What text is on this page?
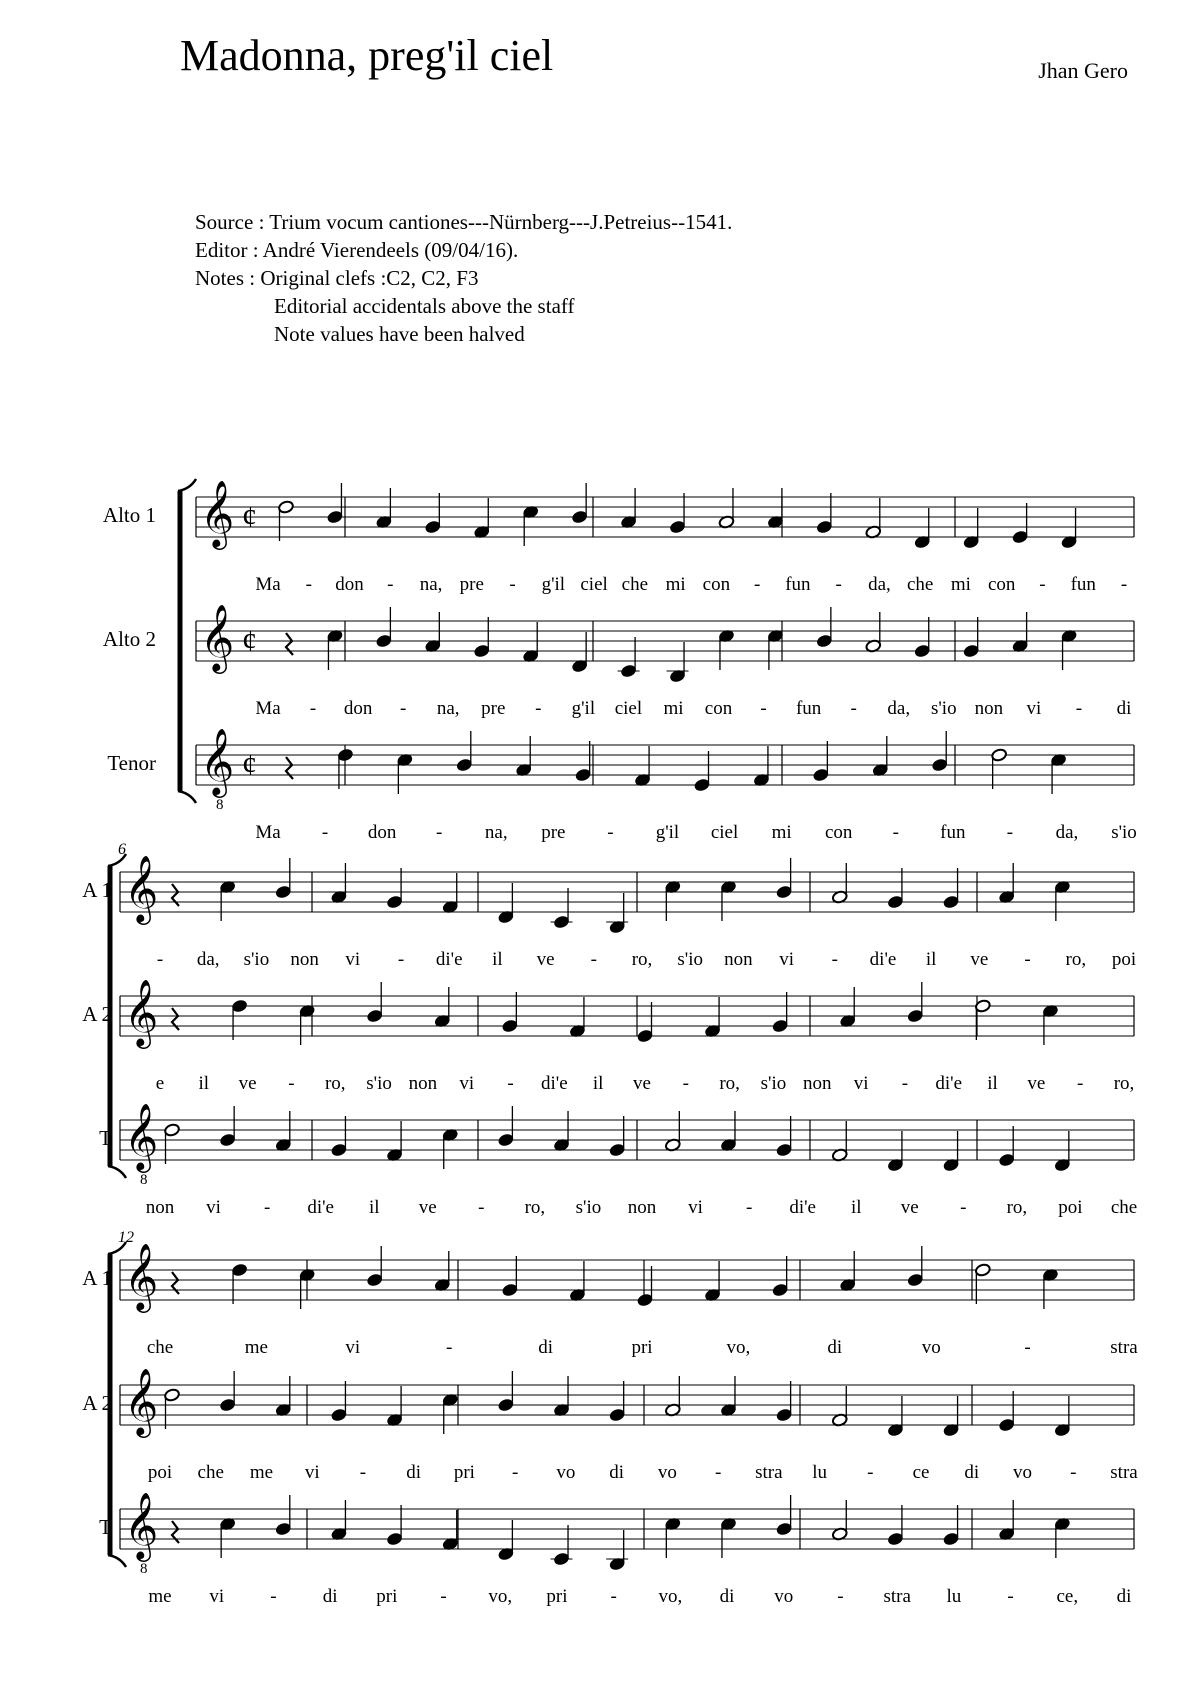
Madonna, preg'il ciel	Jhan Gero
Source : Trium vocum cantiones---Nürnberg---J.Petreius--1541.
Editor : André Vierendeels (09/04/16).
Notes : Original clefs :C2, C2, F3
Editorial accidentals above the staff
Note values have been halved
𝄞 ¢
Alto 1
Ma - don - na, pre - g'il ciel che mi con - fun - da, che mi con - fun -
𝄞 ¢
Alto 2
Ma - don - na, pre - g'il ciel mi con - fun - da, s'io non vi - di
𝄞
8
¢
Tenor
Ma - don - na, pre - g'il ciel mi con - fun - da, s'io
6
𝄞
A 1
- da, s'io non vi - di'e il ve - ro, s'io non vi - di'e il ve - ro, poi
𝄞
A 2
e il ve - ro, s'io non vi - di'e il ve - ro, s'io non vi - di'e il ve - ro,
𝄞
8
T
non vi - di'e il ve - ro, s'io non vi - di'e il ve - ro, poi che
12
𝄞
A 1
che	me	vi	-	di	pri	vo,	di	vo	-	stra
𝄞
A 2
poi che me vi - di pri - vo di vo - stra lu - ce di vo - stra
𝄞
8
T
me vi - di pri - vo, pri - vo, di vo - stra lu - ce, di
